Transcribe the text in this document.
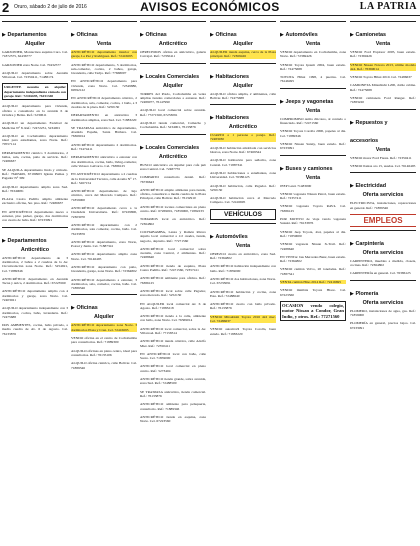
2 Oruro, sábado 2 de julio de 2016	AVISOS ECONÓMICOS	LA PATRIA
▶ Departamentos
Alquiler
GARZONIER, Montecinos esquina Caro. Cel. 71872575, 62436777
GARZONIER zona Norte. Cel. 70432577
ALQUILO departamento sobre Avenida Villarroel. Cel. 72350411, 71488174
URGENTE necesito en alquiler departamento independiente cómodo con garaje. Ref.: 72416695, 76151340
ALQUILO departamento para vivienda, oficina o consultorio en la avenida 6 de Octubre y Belzu. Ref.: 5230611
ALQUILO un departamento Facultad de Medicina N° 8. Ref.: 72472231, 5234001
ALQUILO en Cochabamba departamento ideal para estudiantes, zona Norte. Ref.: 70557114
DEPARTAMENTO céntrico 3 dormitorios, 2 baños, sala, cocina, patio de servicio. Ref.: 72486637
SE ALQUILA departamento lindo y cómodo. Ref.: 76465469, 67199903 Iglesia Pumas y Pagador N° 309
ALQUILO departamento amplio zona Sud. Ref.: 76349081
PLAZA Castro Padilla amplio ambiente exclusivo oficina, 3er. piso. Ref.: 72486637
EN ANTICRÉTICO departamento nuevo a estrenar, piso parket, garaje, dos dormitorios con cuarto de baño. Ref.: 67233091
▶ Departamentos
Anticrético
ANTICRÉTICO departamento de 3 dormitorios, 2 baños a 2 cuadras de la Av. Circunvalación zona Norte. Ref.: 5254921, Cel. 71889346
ANTICRÉTICO departamento en Avenida Tacna y Arica, 2 dormitorios. Ref.: 67223560
ANTICRÉTICO departamento amplio con 4 dormitorios y garaje, zona Norte. Cel. 72403021
ALQUILO departamento independiente con 3 dormitorios, cocina, baño, lavandería. Ref.: 72475688
DOS AMBIENTES, cocina, baño privado, a media cuadra de Av. 6 de Agosto. Cel. 76133876
▶ Oficinas
Venta
ANTICRÉTICO departamento interior con garaje, La Paz y Rodríguez. Ref.: 72416695
ANTICRÉTICO departamento, 3 dormitorios, sala-comedor, cocina, 2 baños, garaje, lavandería, calle Tarija. Ref.: 77668007
EN ANTICRÉTICO departamento para vivienda, zona Norte. Cel. 72349880, 69592122
EN ANTICRÉTICO departamento céntrico, 2 dormitorios, sala, comedor, cocina, 1 baño, a 3 cuadras de la plaza. Ref.: 5250130
DEPARTAMENTO en anticrético 3 dormitorios amplios, zona Sud. Cel. 71883220
SE TRASPASA anticrético de departamento, Avenida España, Santa Bárbara. Cel. 76369014
ANTICRÉTICO departamento 2 dormitorios. Ref.: 72474411
DEPARTAMENTO anticrético a estrenar con dos dormitorios, cocina, baño, living-comedor, calle Velasco Galvarro. Cel. 76386125
EN ANTICRÉTICO departamento a 2 cuadras de la Universidad Técnica, calle Aroma N° 17. Ref.: 5267154
ANTICRÉTICO departamento de lujo céntrico, cerca del Mercado Campero. Ref.: 71859000
ANTICRÉTICO departamento cerca a la Ciudadela Universitaria. Ref.: 67229800, 72303070
ANTICRÉTICO departamento con 2 dormitorios, sala comedor, cocina, baño. Cel. 76133876
ANTICRÉTICO departamento, zona Norte, Potosí y Junín. Cel. 71887341
ANTICRÉTICO departamento amplio zona Norte. Cel. 76146495
ANTICRÉTICO departamento con patio, lavandería, garaje, zona Norte. Ref.: 72364802
ANTICRÉTICO departamento a estrenar, 3 dormitorios, sala, comedor, cocina, baño. Cel. 71889346
▶ Oficinas
Alquiler
ANTICRÉTICO departamento zona Norte. 3 dormitorios Plaza y Cruz. Cel. 72416695
VENDO oficina en el centro de Cochabamba para consultorios. Ref.: 71889300
ALQUILO oficinas en pleno centro, ideal para consultorios. Ref.: 76135106
ALQUILO oficina céntrica, calle Bolívar. Cel. 71889346
▶ Oficinas
Anticrético
OFRECEMOS oficina en anticrético, galería Carvajal. Ref.: 72350411
▶ Locales Comerciales
Alquiler
TORRES del Prado, Cochabamba en venta amplias tiendas comerciales a estrenar. Ref.: 72489077, 76147990
ALQUILO local comercial sobre avenida. Ref.: 77271560, 67233091
ALQUILO tienda comercial, Camacho y Cochabamba. Ref.: 5234001, 76133876
▶ Locales Comerciales
Anticrético
BUSCO anticrético en alquiler para cafe pub zona Central. Cel. 72487755
COMPARTO consultorio dental. Ref.: 76736643
ANTICRÉTICO amplio ambiente para tienda, oficina, consultorio a media cuadra de la Plaza Principal, calle Bolívar. Ref.: 76132910
ANTICRÉTICO locales comerciales en pleno centro. Ref.: 67269001, 71859000, 71882233
TOMAMOS local en anticrético. Ref.: 72364802
COCHABAMBA, Lanza y Ramón Rivero alquilo local comercial a 1/2 cuadra, tienda, negocio, depósito. Ref.: 77271560
ANTICRÉTICO local comercial sobre avenida, zona Central, 2 ambientes. Ref.: 72488640
ANTICRÉTICO tienda de esquina, Plaza Castro Padilla. Ref.: 72471560, 72357411
ANTICRÉTICO ambiente para oficina. Ref.: 76386125
ANTICRÉTICO local sobre calle Pagador, zona mercado. Ref.: 5252130
EN ALQUILER local comercial Av. 6 de Agosto. Ref.: 71883218
ANTICRÉTICO tienda a la calle, ambiente con baño, zona Norte. Cel. 76369014
ANTICRÉTICO local comercial, sobre la Av. Villarroel. Ref.: 77158314
ANTICRÉTICO tienda céntrica, calle Adolfo Mier. Ref.: 72350411
EN ANTICRÉTICO local con baño, calle Sucre. Cel. 71859000
ANTICRÉTICO local comercial en pleno centro. Ref.: 5273404
ANTICRÉTICO tienda grande, sobre avenida, zona Sud. Ref.: 72488500
SE TRASPASA anticrético, tienda comercial. Ref.: 76133876
ANTICRÉTICO ambiente para peluquería, consultorio. Ref.: 71889346
ANTICRÉTICO tienda en esquina, zona Norte. Cel. 67223560
▶ Oficinas
Alquiler
ALQUILER tienda esquina, cerca de la Plaza principal. Ref.: 72369426
▶ Habitaciones
Alquiler
ALQUILO oficina amplia, 2 ambientes, calle Bolívar. Ref.: 72475688
▶ Habitaciones
Anticrético
CUARTO a 1 persona o pareja. Ref.: 72483030
ALQUILO habitación amoblada con servicios básicos, zona Norte. Ref.: 67469344
ALQUILO habitación para señorita, zona Central. Cel. 71887341
ALQUILO habitaciones a estudiantes, zona Universidad. Cel. 76386125
ALQUILO habitación, calle Pagador. Ref.: 5250130
ALQUILO habitación cerca al Mercado Campero. Cel. 72416695
VEHÍCULOS
▶ Automóviles
Venta
OFREZCO cuarto en anticrético, zona Sud. Ref.: 72364802
ANTICRÉTICO habitación independiente con baño. Ref.: 71859000
ANTICRÉTICO dos habitaciones, zona Norte. Cel. 67233091
ANTICRÉTICO habitación y cocina, zona Este. Ref.: 72488640
ANTICRÉTICO cuarto con baño privado. Ref.: 76133876
VENDO Mitsubishi Toyota 2016 4x2 mec. Cel. 72486637
VENDO automóvil Toyota Corolla, buen estado. Ref.: 71883220
▶ Automóviles
Venta
VENDO departamento en Cochabamba, zona Norte. Ref.: 72369426
VENDO Toyota Ipsum 2004, buen estado. Ref.: 72475688
TOYOTA Hilux 1998, 4 puertas. Cel. 76146495
▶ Jeeps y vagonetas
Venta
COMPROMISO Arma chicoteo, al contado o financiado. Ref.: 72471560
VENDO Toyota Corolla 2000, papeles al día. Cel. 71889346
VENDO Nissan Sunny, buen estado. Ref.: 67233091
▶ Buses y camiones
Venta
JEEP Land. 71483000
VENDO vagoneta Nissan Patrol, buen estado. Ref.: 72357411
VENDO vagoneta Toyota RAV4. Cel. 76386125
POR MOTIVO de viaje vendo vagoneta Suzuki. Ref.: 76133876
VENDO Jeep Toyota, 4x4, papeles al día. Ref.: 71859000
VENDO vagoneta Nissan X-Trail. Ref.: 72488640
EN VENTA: bus Mercedes Benz, buen estado. Ref.: 72364802
VENDO camión Volvo, 20 toneladas. Ref.: 71887341
VENTA camión Hino 2014 Ref.: 72416695
VENDO minibús Toyota Hiace. Cel. 67223560
OCASION vendo colegio, motor Nissan a Condor, Gran Indio, y otros. Ref.: 77271560
▶ Camionetas
Venta
VENDO Ford Explorer 2005, buen estado. Ref.: 72369426
VENDO Nissan Navara 2013, ultimo modelo 4x4. Ref.: 76369014
VENDO Toyota Hilux 2010. Cel. 72486637
CAMIONETA Mitsubishi L200, doble cabina. Ref.: 72475688
VENDO camioneta Ford Ranger. Ref.: 71883220
▶ Repuestos y accesorios
Venta
VENDO motor Ford Fiesta. Ref.: 72350411
VENDO llantas aro 15, usadas. Cel. 76146495
▶ Electricidad
Oferta servicios
ELECTRICISTA, instalaciones, reparaciones en general. Ref.: 71889346
EMPLEOS
▶ Carpintería
Oferta servicios
CARPINTERO, muebles a medida, closets, cocinas. Ref.: 72364802
CARPINTERÍA en general. Cel. 76386125
▶ Plomería
Oferta servicios
PLOMERO, instalaciones de agua, gas. Ref.: 71859000
PLOMERÍA en general, precios bajos. Cel. 67233091
